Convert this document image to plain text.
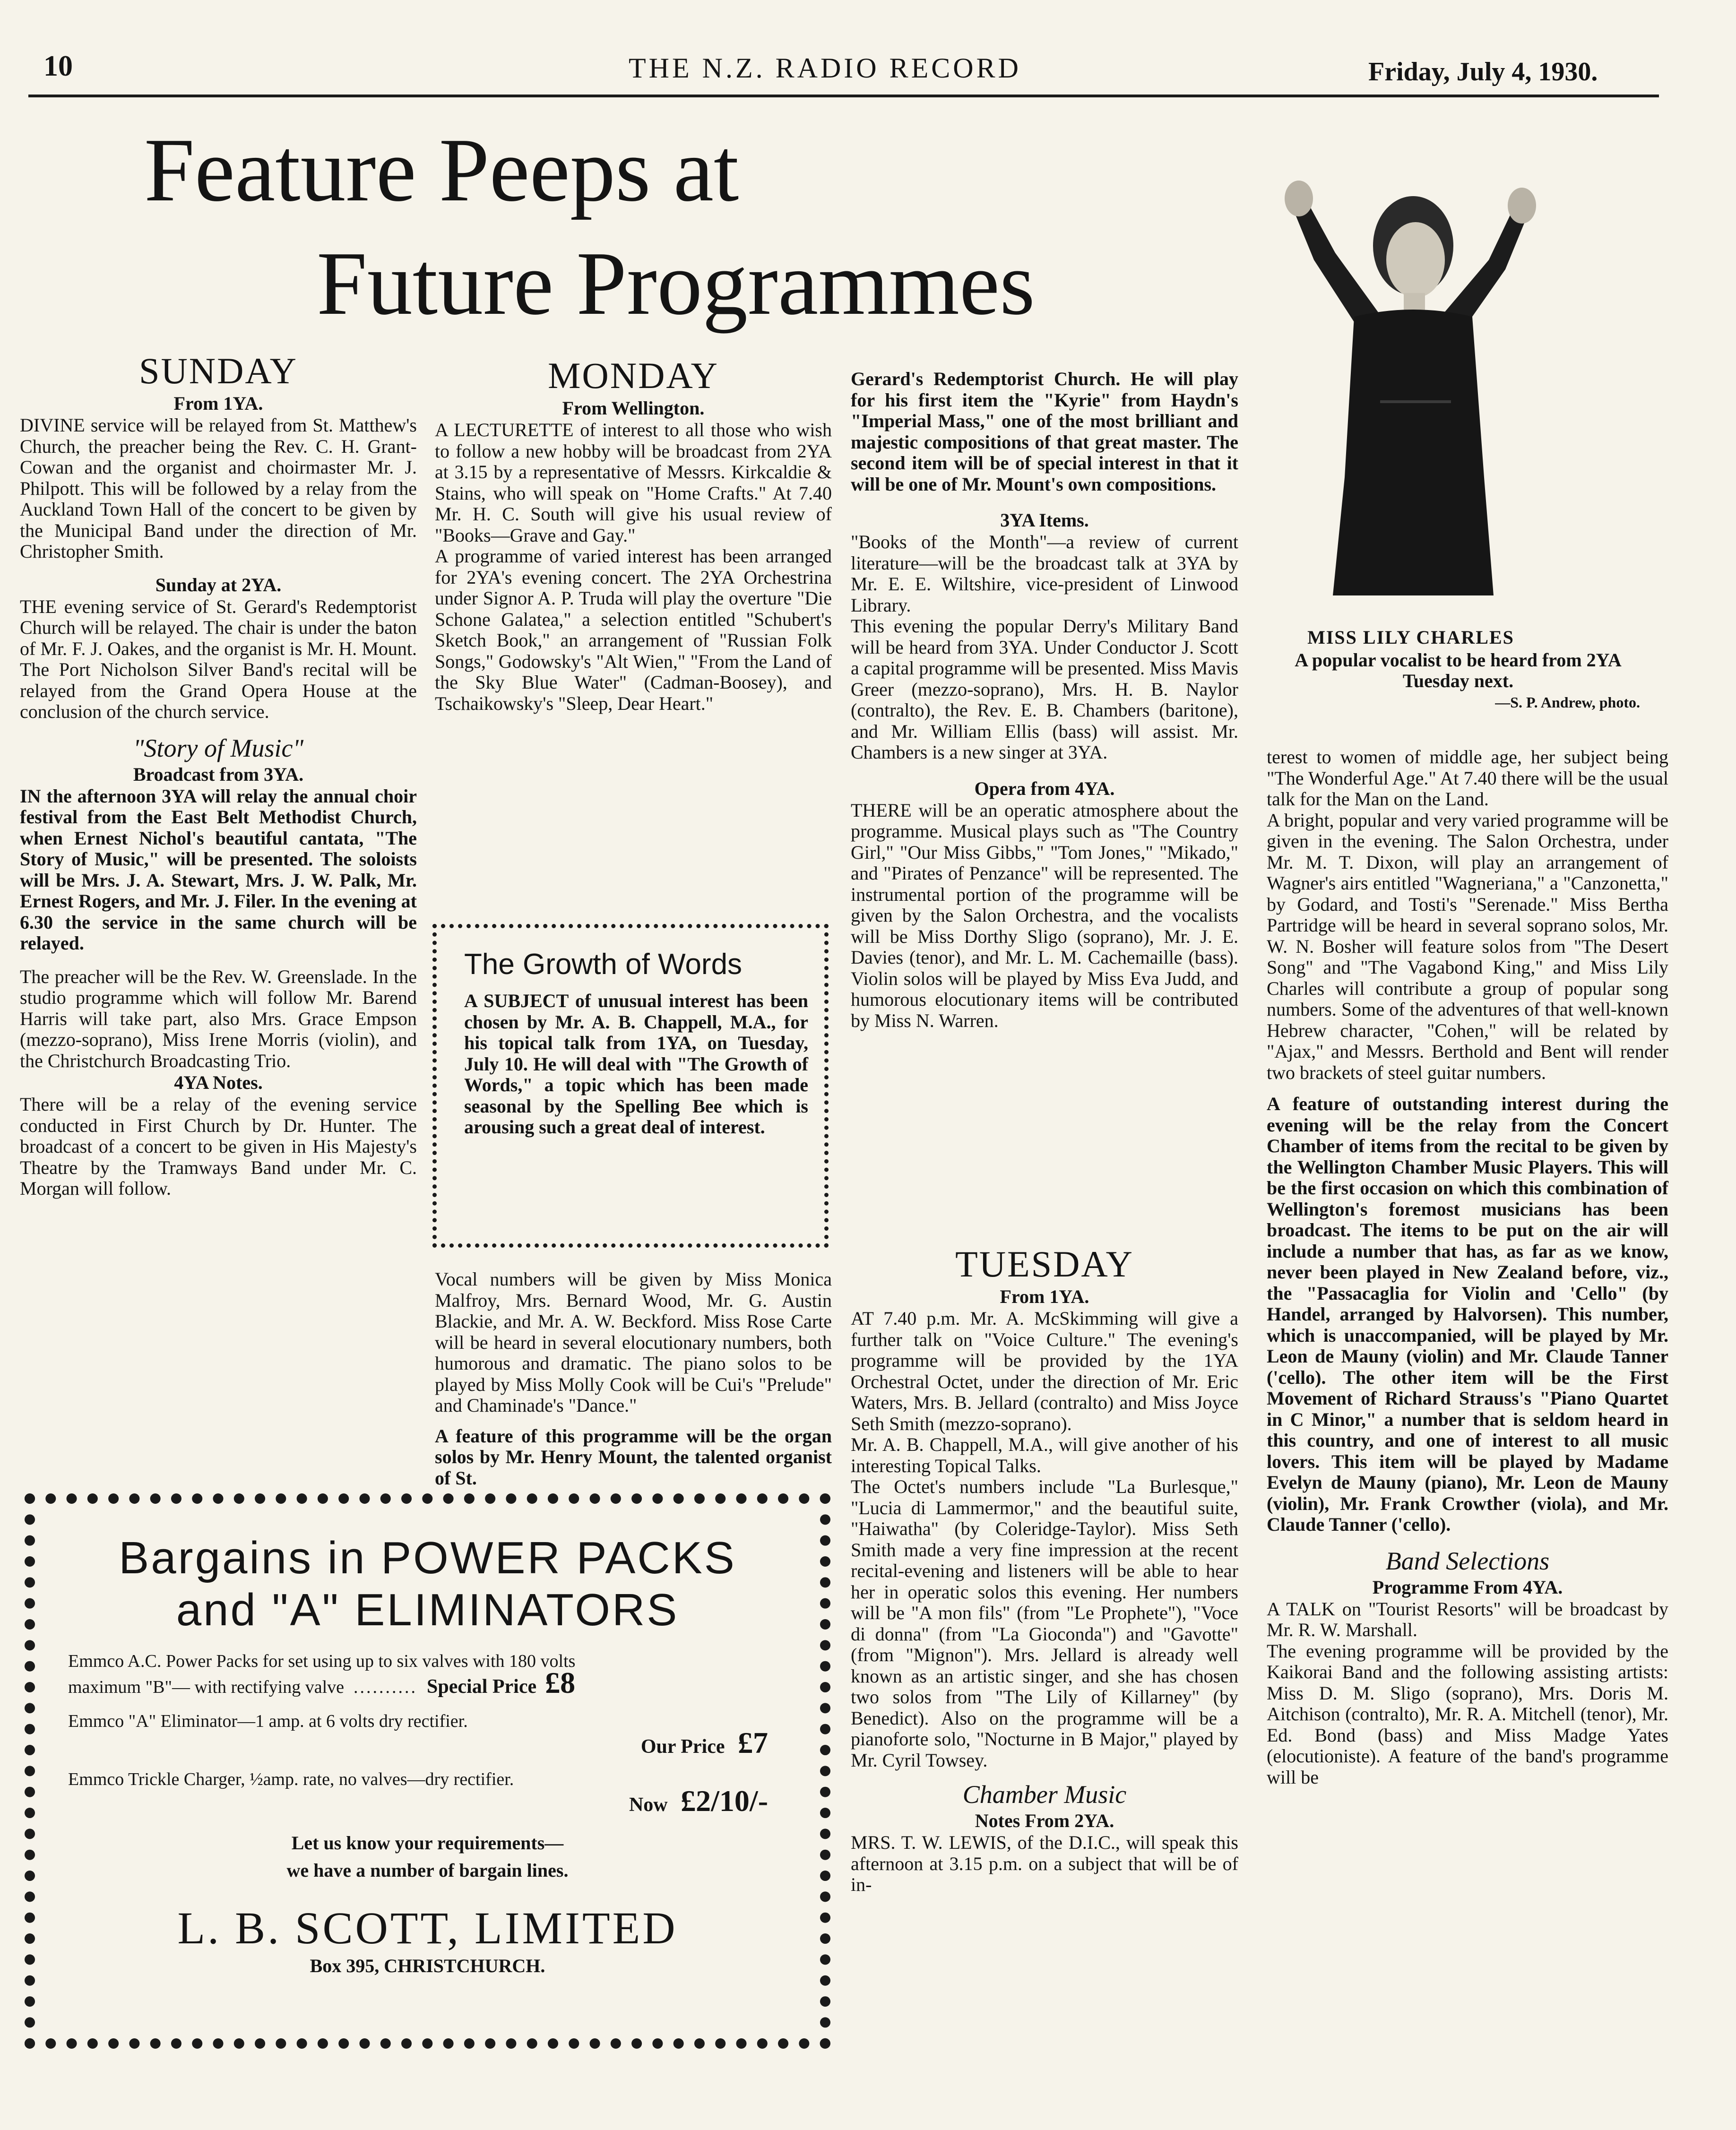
10	THE N.Z. RADIO RECORD	Friday, July 4, 1930.
Feature Peeps at
Future Programmes
MISS LILY CHARLES
A popular vocalist to be heard from 2YA Tuesday next.
—S. P. Andrew, photo.

SUNDAY

From 1YA.

DIVINE service will be relayed from St. Matthew's Church, the preacher being the Rev. C. H. Grant-Cowan and the organist and choirmaster Mr. J. Philpott. This will be followed by a relay from the Auckland Town Hall of the concert to be given by the Municipal Band under the direction of Mr. Christopher Smith.

Sunday at 2YA.

THE evening service of St. Gerard's Redemptorist Church will be relayed. The chair is under the baton of Mr. F. J. Oakes, and the organist is Mr. H. Mount. The Port Nicholson Silver Band's recital will be relayed from the Grand Opera House at the conclusion of the church service.

"Story of Music"

Broadcast from 3YA.

IN the afternoon 3YA will relay the annual choir festival from the East Belt Methodist Church, when Ernest Nichol's beautiful cantata, "The Story of Music," will be presented. The soloists will be Mrs. J. A. Stewart, Mrs. J. W. Palk, Mr. Ernest Rogers, and Mr. J. Filer. In the evening at 6.30 the service in the same church will be relayed.

The preacher will be the Rev. W. Greenslade. In the studio programme which will follow Mr. Barend Harris will take part, also Mrs. Grace Empson (mezzo-soprano), Miss Irene Morris (violin), and the Christchurch Broadcasting Trio.

4YA Notes.

There will be a relay of the evening service conducted in First Church by Dr. Hunter. The broadcast of a concert to be given in His Majesty's Theatre by the Tramways Band under Mr. C. Morgan will follow.

MONDAY

From Wellington.

A LECTURETTE of interest to all those who wish to follow a new hobby will be broadcast from 2YA at 3.15 by a representative of Messrs. Kirkcaldie & Stains, who will speak on "Home Crafts." At 7.40 Mr. H. C. South will give his usual review of "Books—Grave and Gay."

A programme of varied interest has been arranged for 2YA's evening concert. The 2YA Orchestrina under Signor A. P. Truda will play the overture "Die Schone Galatea," a selection entitled "Schubert's Sketch Book," an arrangement of "Russian Folk Songs," Godowsky's "Alt Wien," "From the Land of the Sky Blue Water" (Cadman-Boosey), and Tschaikowsky's "Sleep, Dear Heart."

The Growth of Words

A SUBJECT of unusual interest has been chosen by Mr. A. B. Chappell, M.A., for his topical talk from 1YA, on Tuesday, July 10. He will deal with "The Growth of Words," a topic which has been made seasonal by the Spelling Bee which is arousing such a great deal of interest.

Vocal numbers will be given by Miss Monica Malfroy, Mrs. Bernard Wood, Mr. G. Austin Blackie, and Mr. A. W. Beckford. Miss Rose Carte will be heard in several elocutionary numbers, both humorous and dramatic. The piano solos to be played by Miss Molly Cook will be Cui's "Prelude" and Chaminade's "Dance."

A feature of this programme will be the organ solos by Mr. Henry Mount, the talented organist of St.

Gerard's Redemptorist Church. He will play for his first item the "Kyrie" from Haydn's "Imperial Mass," one of the most brilliant and majestic compositions of that great master. The second item will be of special interest in that it will be one of Mr. Mount's own compositions.

3YA Items.

"Books of the Month"—a review of current literature—will be the broadcast talk at 3YA by Mr. E. E. Wiltshire, vice-president of Linwood Library.

This evening the popular Derry's Military Band will be heard from 3YA. Under Conductor J. Scott a capital programme will be presented. Miss Mavis Greer (mezzo-soprano), Mrs. H. B. Naylor (contralto), the Rev. E. B. Chambers (baritone), and Mr. William Ellis (bass) will assist. Mr. Chambers is a new singer at 3YA.

Opera from 4YA.

THERE will be an operatic atmosphere about the programme. Musical plays such as "The Country Girl," "Our Miss Gibbs," "Tom Jones," "Mikado," and "Pirates of Penzance" will be represented. The instrumental portion of the programme will be given by the Salon Orchestra, and the vocalists will be Miss Dorthy Sligo (soprano), Mr. J. E. Davies (tenor), and Mr. L. M. Cachemaille (bass). Violin solos will be played by Miss Eva Judd, and humorous elocutionary items will be contributed by Miss N. Warren.

TUESDAY

From 1YA.

AT 7.40 p.m. Mr. A. McSkimming will give a further talk on "Voice Culture." The evening's programme will be provided by the 1YA Orchestral Octet, under the direction of Mr. Eric Waters, Mrs. B. Jellard (contralto) and Miss Joyce Seth Smith (mezzo-soprano).

Mr. A. B. Chappell, M.A., will give another of his interesting Topical Talks.

The Octet's numbers include "La Burlesque," "Lucia di Lammermor," and the beautiful suite, "Haiwatha" (by Coleridge-Taylor). Miss Seth Smith made a very fine impression at the recent recital-evening and listeners will be able to hear her in operatic solos this evening. Her numbers will be "A mon fils" (from "Le Prophete"), "Voce di donna" (from "La Gioconda") and "Gavotte" (from "Mignon"). Mrs. Jellard is already well known as an artistic singer, and she has chosen two solos from "The Lily of Killarney" (by Benedict). Also on the programme will be a pianoforte solo, "Nocturne in B Major," played by Mr. Cyril Towsey.

Chamber Music

Notes From 2YA.

MRS. T. W. LEWIS, of the D.I.C., will speak this afternoon at 3.15 p.m. on a subject that will be of in-

terest to women of middle age, her subject being "The Wonderful Age." At 7.40 there will be the usual talk for the Man on the Land.

A bright, popular and very varied programme will be given in the evening. The Salon Orchestra, under Mr. M. T. Dixon, will play an arrangement of Wagner's airs entitled "Wagneriana," a "Canzonetta," by Godard, and Tosti's "Serenade." Miss Bertha Partridge will be heard in several soprano solos, Mr. W. N. Bosher will feature solos from "The Desert Song" and "The Vagabond King," and Miss Lily Charles will contribute a group of popular song numbers. Some of the adventures of that well-known Hebrew character, "Cohen," will be related by "Ajax," and Messrs. Berthold and Bent will render two brackets of steel guitar numbers.

A feature of outstanding interest during the evening will be the relay from the Concert Chamber of items from the recital to be given by the Wellington Chamber Music Players. This will be the first occasion on which this combination of Wellington's foremost musicians has been broadcast. The items to be put on the air will include a number that has, as far as we know, never been played in New Zealand before, viz., the "Passacaglia for Violin and 'Cello" (by Handel, arranged by Halvorsen). This number, which is unaccompanied, will be played by Mr. Leon de Mauny (violin) and Mr. Claude Tanner ('cello). The other item will be the First Movement of Richard Strauss's "Piano Quartet in C Minor," a number that is seldom heard in this country, and one of interest to all music lovers. This item will be played by Madame Evelyn de Mauny (piano), Mr. Leon de Mauny (violin), Mr. Frank Crowther (viola), and Mr. Claude Tanner ('cello).

Band Selections

Programme From 4YA.

A TALK on "Tourist Resorts" will be broadcast by Mr. R. W. Marshall.

The evening programme will be provided by the Kaikorai Band and the following assisting artists: Miss D. M. Sligo (soprano), Mrs. Doris M. Aitchison (contralto), Mr. R. A. Mitchell (tenor), Mr. Ed. Bond (bass) and Miss Madge Yates (elocutioniste). A feature of the band's programme will be

Bargains in POWER PACKS
and "A" ELIMINATORS
Emmco A.C. Power Packs for set using up to six valves with 180 volts
maximum "B"— with rectifying valve .......... Special Price £8
Emmco "A" Eliminator—1 amp. at 6 volts dry rectifier.
Our Price £7
Emmco Trickle Charger, ½amp. rate, no valves—dry rectifier.
Now £2/10/-
Let us know your requirements—
we have a number of bargain lines.
L. B. SCOTT, LIMITED
Box 395, CHRISTCHURCH.
